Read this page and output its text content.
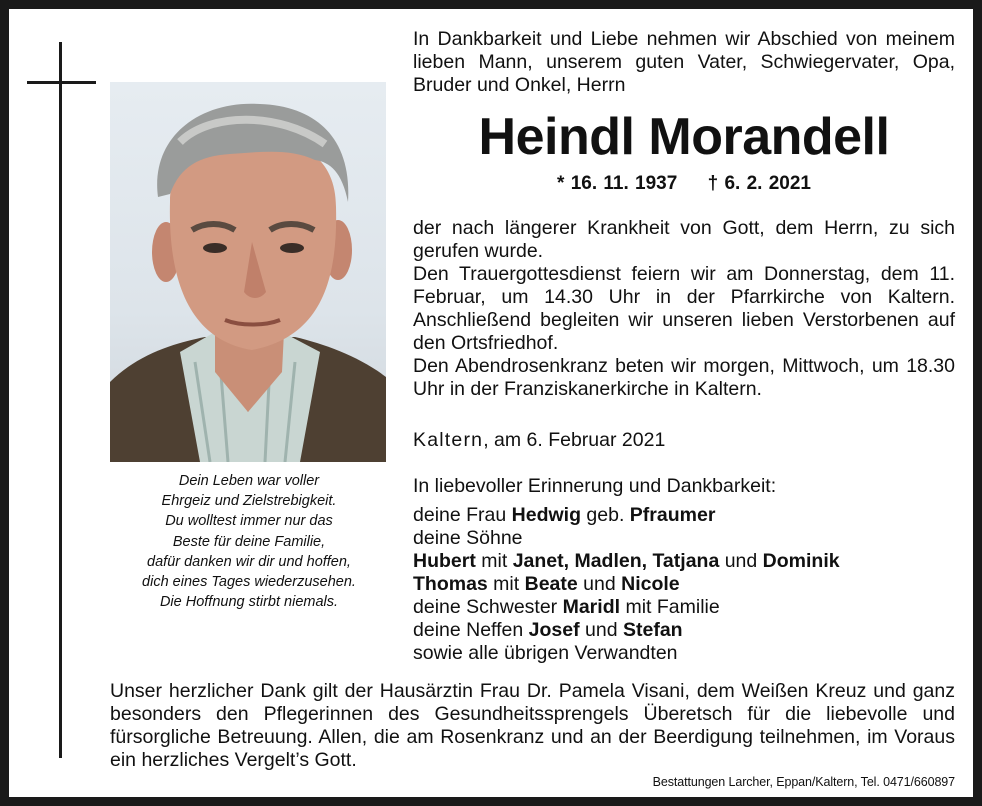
Dein Leben war voller
Ehrgeiz und Zielstrebigkeit.
Du wolltest immer nur das
Beste für deine Familie,
dafür danken wir dir und hoffen,
dich eines Tages wiederzusehen.
Die Hoffnung stirbt niemals.

In Dankbarkeit und Liebe nehmen wir Abschied von meinem lieben Mann, unserem guten Vater, Schwiegervater, Opa, Bruder und Onkel, Herrn

Heindl Morandell
* 16. 11. 1937 † 6. 2. 2021

der nach längerer Krankheit von Gott, dem Herrn, zu sich gerufen wurde.

Den Trauergottesdienst feiern wir am Donnerstag, dem 11. Februar, um 14.30 Uhr in der Pfarrkirche von Kaltern. Anschließend begleiten wir unseren lieben Verstorbenen auf den Ortsfriedhof.

Den Abendrosenkranz beten wir morgen, Mittwoch, um 18.30 Uhr in der Franziskanerkirche in Kaltern.

Kaltern, am 6. Februar 2021

In liebevoller Erinnerung und Dankbarkeit:
deine Frau Hedwig geb. Pfraumer
deine Söhne
Hubert mit Janet, Madlen, Tatjana und Dominik
Thomas mit Beate und Nicole
deine Schwester Maridl mit Familie
deine Neffen Josef und Stefan
sowie alle übrigen Verwandten

Unser herzlicher Dank gilt der Hausärztin Frau Dr. Pamela Visani, dem Weißen Kreuz und ganz besonders den Pflegerinnen des Gesundheitssprengels Überetsch für die liebevolle und fürsorgliche Betreuung. Allen, die am Rosenkranz und an der Beerdigung teilnehmen, im Voraus ein herzliches Vergelt’s Gott.

Bestattungen Larcher, Eppan/Kaltern, Tel. 0471/660897
